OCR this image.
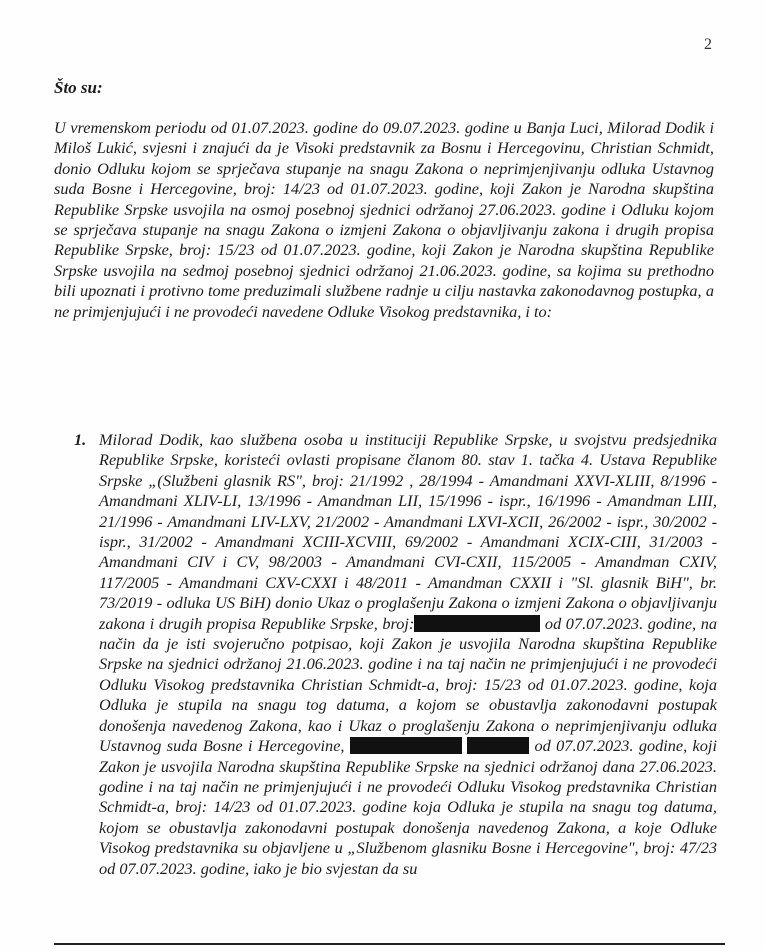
2
Što su:

U vremenskom periodu od 01.07.2023. godine do 09.07.2023. godine u Banja Luci, Milorad Dodik i Miloš Lukić, svjesni i znajući da je Visoki predstavnik za Bosnu i Hercegovinu, Christian Schmidt, donio Odluku kojom se sprječava stupanje na snagu Zakona o neprimjenjivanju odluka Ustavnog suda Bosne i Hercegovine, broj: 14/23 od 01.07.2023. godine, koji Zakon je Narodna skupština Republike Srpske usvojila na osmoj posebnoj sjednici održanoj 27.06.2023. godine i Odluku kojom se sprječava stupanje na snagu Zakona o izmjeni Zakona o objavljivanju zakona i drugih propisa Republike Srpske, broj: 15/23 od 01.07.2023. godine, koji Zakon je Narodna skupština Republike Srpske usvojila na sedmoj posebnoj sjednici održanoj 21.06.2023. godine, sa kojima su prethodno bili upoznati i protivno tome preduzimali službene radnje u cilju nastavka zakonodavnog postupka, a ne primjenjujući i ne provodeći navedene Odluke Visokog predstavnika, i to:

1. Milorad Dodik, kao službena osoba u instituciji Republike Srpske, u svojstvu predsjednika Republike Srpske, koristeći ovlasti propisane članom 80. stav 1. tačka 4. Ustava Republike Srpske „(Službeni glasnik RS", broj: 21/1992 , 28/1994 - Amandmani XXVI-XLIII, 8/1996 - Amandmani XLIV-LI, 13/1996 - Amandman LII, 15/1996 - ispr., 16/1996 - Amandman LIII, 21/1996 - Amandmani LIV-LXV, 21/2002 - Amandmani LXVI-XCII, 26/2002 - ispr., 30/2002 - ispr., 31/2002 - Amandmani XCIII-XCVIII, 69/2002 - Amandmani XCIX-CIII, 31/2003 - Amandmani CIV i CV, 98/2003 - Amandmani CVI-CXII, 115/2005 - Amandman CXIV, 117/2005 - Amandmani CXV-CXXI i 48/2011 - Amandman CXXII i "Sl. glasnik BiH", br. 73/2019 - odluka US BiH) donio Ukaz o proglašenju Zakona o izmjeni Zakona o objavljivanju zakona i drugih propisa Republike Srpske, broj:	od 07.07.2023. godine, na način da je isti svojeručno potpisao, koji Zakon je usvojila Narodna skupština Republike Srpske na sjednici održanoj 21.06.2023. godine i na taj način ne primjenjujući i ne provodeći Odluku Visokog predstavnika Christian Schmidt-a, broj: 15/23 od 01.07.2023. godine, koja Odluka je stupila na snagu tog datuma, a kojom se obustavlja zakonodavni postupak donošenja navedenog Zakona, kao i Ukaz o proglašenju Zakona o neprimjenjivanju odluka Ustavnog suda Bosne i Hercegovine,	od 07.07.2023. godine, koji Zakon je usvojila Narodna skupština Republike Srpske na sjednici održanoj dana 27.06.2023. godine i na taj način ne primjenjujući i ne provodeći Odluku Visokog predstavnika Christian Schmidt-a, broj: 14/23 od 01.07.2023. godine koja Odluka je stupila na snagu tog datuma, kojom se obustavlja zakonodavni postupak donošenja navedenog Zakona, a koje Odluke Visokog predstavnika su objavljene u „Službenom glasniku Bosne i Hercegovine", broj: 47/23 od 07.07.2023. godine, iako je bio svjestan da su
